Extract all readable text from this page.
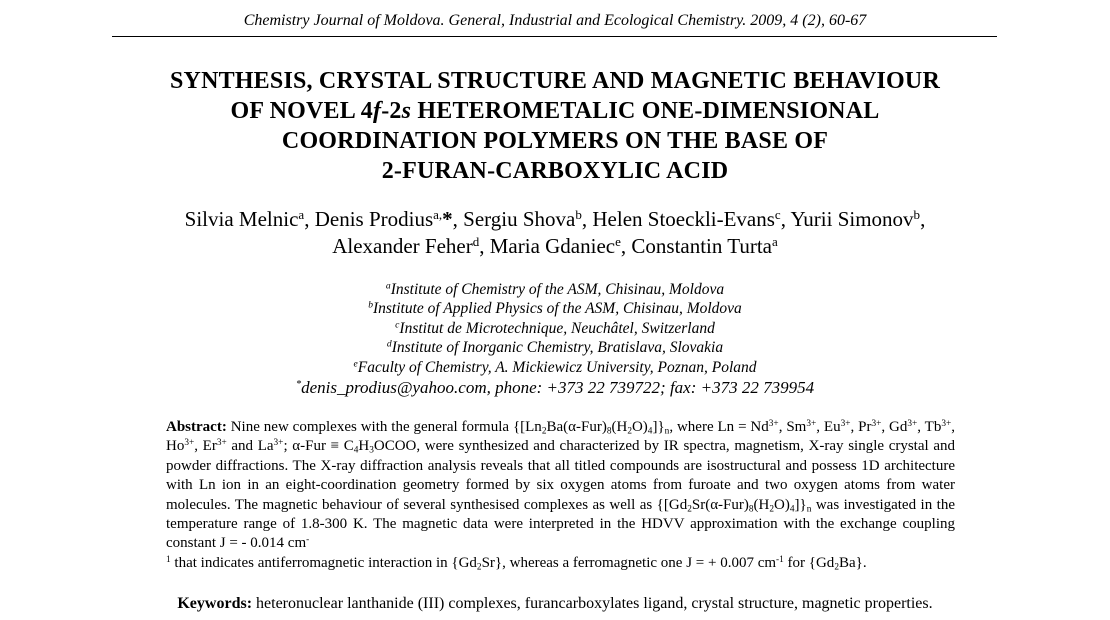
Chemistry Journal of Moldova. General, Industrial and Ecological Chemistry. 2009, 4 (2), 60-67
SYNTHESIS, CRYSTAL STRUCTURE AND MAGNETIC BEHAVIOUR
OF NOVEL 4f-2s HETEROMETALIC ONE-DIMENSIONAL
COORDINATION POLYMERS ON THE BASE OF
2-FURAN-CARBOXYLIC ACID
Silvia Melnic$^a$, Denis Prodius$^{a,}$*, Sergiu Shova$^b$, Helen Stoeckli-Evans$^c$, Yurii Simonov$^b$,
Alexander Feher$^d$, Maria Gdaniec$^e$, Constantin Turta$^a$
$^a$Institute of Chemistry of the ASM, Chisinau, Moldova
$^b$Institute of Applied Physics of the ASM, Chisinau, Moldova
$^c$Institut de Microtechnique, Neuchâtel, Switzerland
$^d$Institute of Inorganic Chemistry, Bratislava, Slovakia
$^e$Faculty of Chemistry, A. Mickiewicz University, Poznan, Poland
*denis_prodius@yahoo.com, phone: +373 22 739722; fax: +373 22 739954
Abstract: Nine new complexes with the general formula $\{[Ln_2Ba(\alpha-Fur)_8(H_2O)_4]\}_n$, where $Ln = Nd^{3+}$, $Sm^{3+}$, $Eu^{3+}$, $Pr^{3+}$, $Gd^{3+}$, $Tb^{3+}$, $Ho^{3+}$, $Er^{3+}$ and $La^{3+}$; $\alpha-Fur \equiv C_4H_3OCOO$, were synthesized and characterized by IR spectra, magnetism, X-ray single crystal and powder diffractions. The X-ray diffraction analysis reveals that all titled compounds are isostructural and possess 1D architecture with Ln ion in an eight-coordination geometry formed by six oxygen atoms from furoate and two oxygen atoms from water molecules. The magnetic behaviour of several synthesised complexes as well as $\{[Gd_2Sr(\alpha-Fur)_8(H_2O)_4]\}_n$ was investigated in the temperature range of 1.8-300 K. The magnetic data were interpreted in the HDVV approximation with the exchange coupling constant J = - 0.014 cm-
$^1$ that indicates antiferromagnetic interaction in $\{Gd_2Sr\}$, whereas a ferromagnetic one J = + 0.007 $cm^{-1}$ for $\{Gd_2Ba\}$.
Keywords: heteronuclear lanthanide (III) complexes, furancarboxylates ligand, crystal structure, magnetic properties.
